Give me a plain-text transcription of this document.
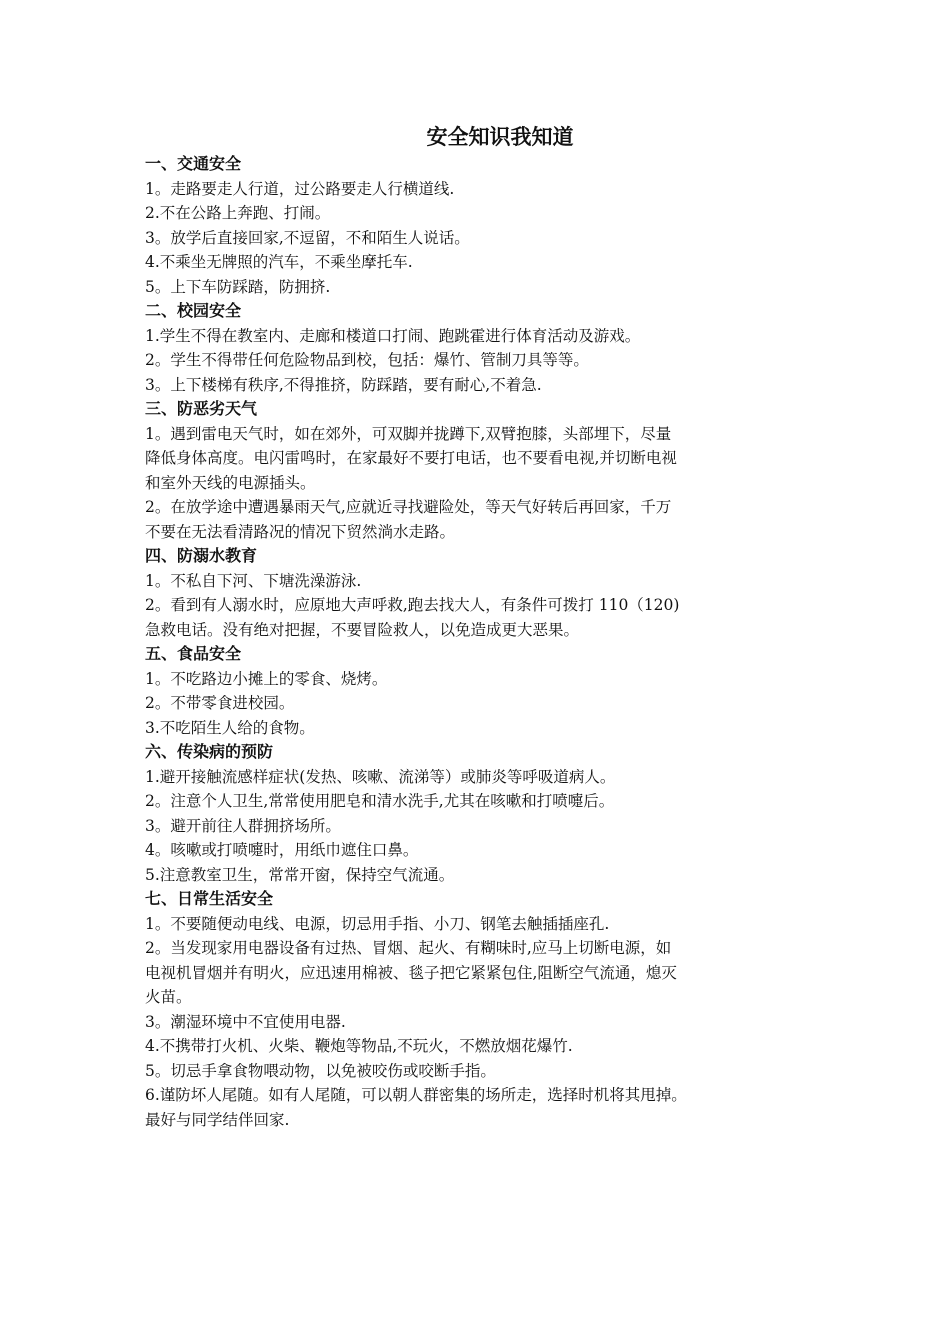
安全知识我知道
一、交通安全

1。走路要走人行道，过公路要走人行横道线.

2.不在公路上奔跑、打闹。

3。放学后直接回家,不逗留，不和陌生人说话。

4.不乘坐无牌照的汽车，不乘坐摩托车.

5。上下车防踩踏，防拥挤.

二、校园安全

1.学生不得在教室内、走廊和楼道口打闹、跑跳霍进行体育活动及游戏。

2。学生不得带任何危险物品到校，包括：爆竹、管制刀具等等。

3。上下楼梯有秩序,不得推挤，防踩踏，要有耐心,不着急.

三、防恶劣天气

1。遇到雷电天气时，如在郊外，可双脚并拢蹲下,双臂抱膝，头部埋下，尽量
降低身体高度。电闪雷鸣时，在家最好不要打电话，也不要看电视,并切断电视
和室外天线的电源插头。

2。在放学途中遭遇暴雨天气,应就近寻找避险处，等天气好转后再回家，千万
不要在无法看清路况的情况下贸然淌水走路。

四、防溺水教育

1。不私自下河、下塘洗澡游泳.

2。看到有人溺水时，应原地大声呼救,跑去找大人，有条件可拨打 110（120)
急救电话。没有绝对把握，不要冒险救人，以免造成更大恶果。

五、食品安全

1。不吃路边小摊上的零食、烧烤。

2。不带零食进校园。

3.不吃陌生人给的食物。

六、传染病的预防

1.避开接触流感样症状(发热、咳嗽、流涕等）或肺炎等呼吸道病人。

2。注意个人卫生,常常使用肥皂和清水洗手,尤其在咳嗽和打喷嚏后。

3。避开前往人群拥挤场所。

4。咳嗽或打喷嚏时，用纸巾遮住口鼻。

5.注意教室卫生，常常开窗，保持空气流通。

七、日常生活安全

1。不要随便动电线、电源，切忌用手指、小刀、钢笔去触插插座孔.

2。当发现家用电器设备有过热、冒烟、起火、有糊味时,应马上切断电源，如
电视机冒烟并有明火，应迅速用棉被、毯子把它紧紧包住,阻断空气流通，熄灭
火苗。

3。潮湿环境中不宜使用电器.

4.不携带打火机、火柴、鞭炮等物品,不玩火，不燃放烟花爆竹.

5。切忌手拿食物喂动物，以免被咬伤或咬断手指。

6.谨防坏人尾随。如有人尾随，可以朝人群密集的场所走，选择时机将其甩掉。
最好与同学结伴回家.
